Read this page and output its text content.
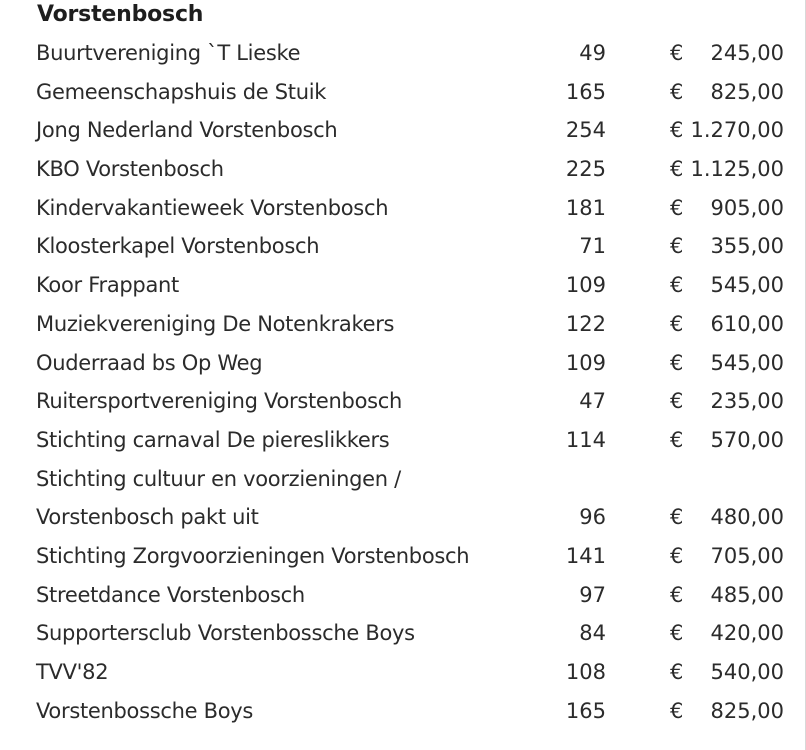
Vorstenbosch
Buurtvereniging `T Lieske	49	€	245,00
Gemeenschapshuis de Stuik	165	€	825,00
Jong Nederland Vorstenbosch	254	€ 1.270,00
KBO Vorstenbosch	225	€ 1.125,00
Kindervakantieweek Vorstenbosch	181	€	905,00
Kloosterkapel Vorstenbosch	71	€	355,00
Koor Frappant	109	€	545,00
Muziekvereniging De Notenkrakers	122	€	610,00
Ouderraad bs Op Weg	109	€	545,00
Ruitersportvereniging Vorstenbosch	47	€	235,00
Stichting carnaval De piereslikkers	114	€	570,00
Stichting cultuur en voorzieningen /
Vorstenbosch pakt uit	96	€	480,00
Stichting Zorgvoorzieningen Vorstenbosch	141	€	705,00
Streetdance Vorstenbosch	97	€	485,00
Supportersclub Vorstenbossche Boys	84	€	420,00
TVV'82	108	€	540,00
Vorstenbossche Boys	165	€	825,00
